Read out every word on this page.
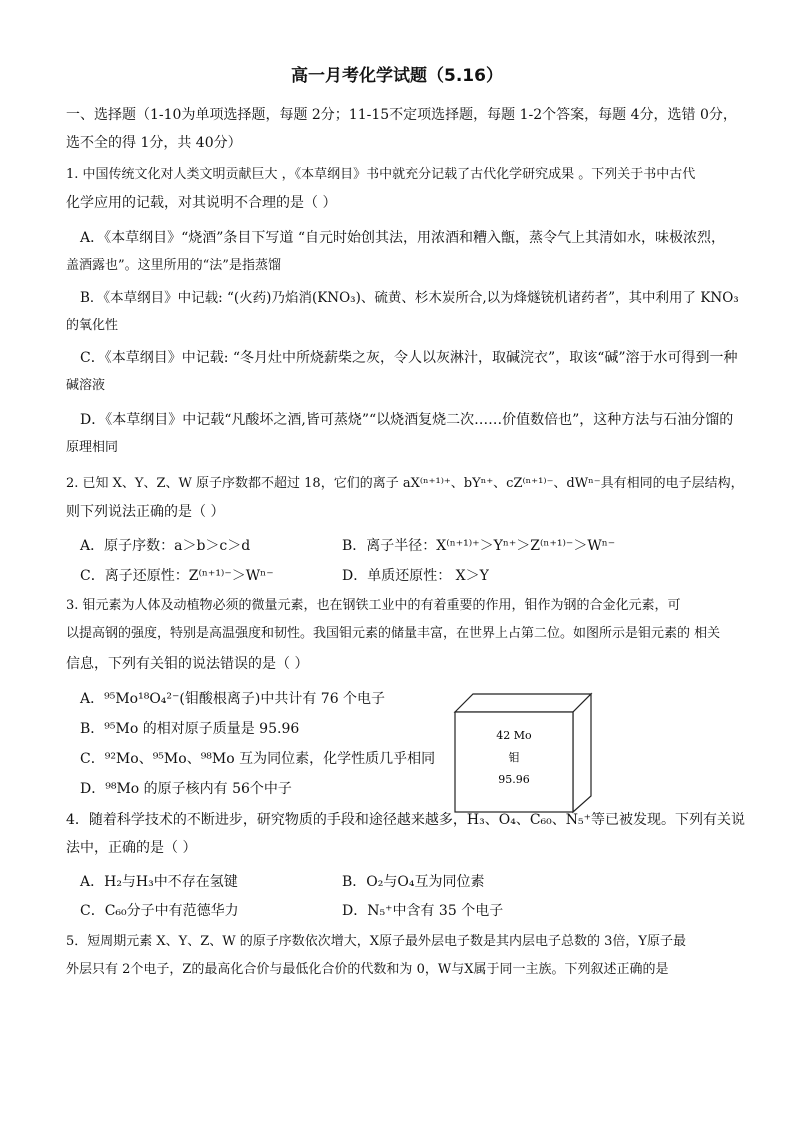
高一月考化学试题（5.16）
一、选择题（1-10为单项选择题，每题 2分；11-15不定项选择题，每题 1-2个答案，每题 4分，选错 0分，
选不全的得 1分，共 40分）
1. 中国传统文化对人类文明贡献巨大 ，《本草纲目》书中就充分记载了古代化学研究成果 。下列关于书中古代
化学应用的记载，对其说明不合理的是（ ）
A．《本草纲目》“烧酒”条目下写道 “自元时始创其法，用浓酒和糟入甑，蒸令气上其清如水，味极浓烈，
盖酒露也”。这里所用的“法”是指蒸馏
B．《本草纲目》中记载: “(火药)乃焰消(KNO₃)、硫黄、杉木炭所合,以为烽燧铳机诸药者”，其中利用了 KNO₃
的氧化性
C．《本草纲目》中记载: “冬月灶中所烧薪柴之灰，令人以灰淋汁，取碱浣衣”，取该“碱”溶于水可得到一种
碱溶液
D．《本草纲目》中记载“凡酸坏之酒,皆可蒸烧”“以烧酒复烧二次……价值数倍也”，这种方法与石油分馏的
原理相同
2. 已知 X、Y、Z、W 原子序数都不超过 18，它们的离子 aX⁽ⁿ⁺¹⁾⁺、bYⁿ⁺、cZ⁽ⁿ⁺¹⁾⁻、dWⁿ⁻具有相同的电子层结构，
则下列说法正确的是（ ）
A．原子序数：a＞b＞c＞d	B．离子半径：X⁽ⁿ⁺¹⁾⁺＞Yⁿ⁺＞Z⁽ⁿ⁺¹⁾⁻＞Wⁿ⁻
C．离子还原性：Z⁽ⁿ⁺¹⁾⁻＞Wⁿ⁻	D．单质还原性： X＞Y
3. 钼元素为人体及动植物必须的微量元素，也在钢铁工业中的有着重要的作用，钼作为钢的合金化元素，可
以提高钢的强度，特别是高温强度和韧性。我国钼元素的储量丰富，在世界上占第二位。如图所示是钼元素的 相关
信息，下列有关钼的说法错误的是（ ）
A．⁹⁵Mo¹⁸O₄²⁻(钼酸根离子)中共计有 76 个电子
B．⁹⁵Mo 的相对原子质量是 95.96
C．⁹²Mo、⁹⁵Mo、⁹⁸Mo 互为同位素，化学性质几乎相同
D．⁹⁸Mo 的原子核内有 56个中子
42 Mo
钼
95.96
4．随着科学技术的不断进步，研究物质的手段和途径越来越多，H₃、O₄、C₆₀、N₅⁺等已被发现。下列有关说
法中，正确的是（ ）
A．H₂与H₃中不存在氢键	B．O₂与O₄互为同位素
C．C₆₀分子中有范德华力	D．N₅⁺中含有 35 个电子
5．短周期元素 X、Y、Z、W 的原子序数依次增大，X原子最外层电子数是其内层电子总数的 3倍，Y原子最
外层只有 2个电子，Z的最高化合价与最低化合价的代数和为 0，W与X属于同一主族。下列叙述正确的是
